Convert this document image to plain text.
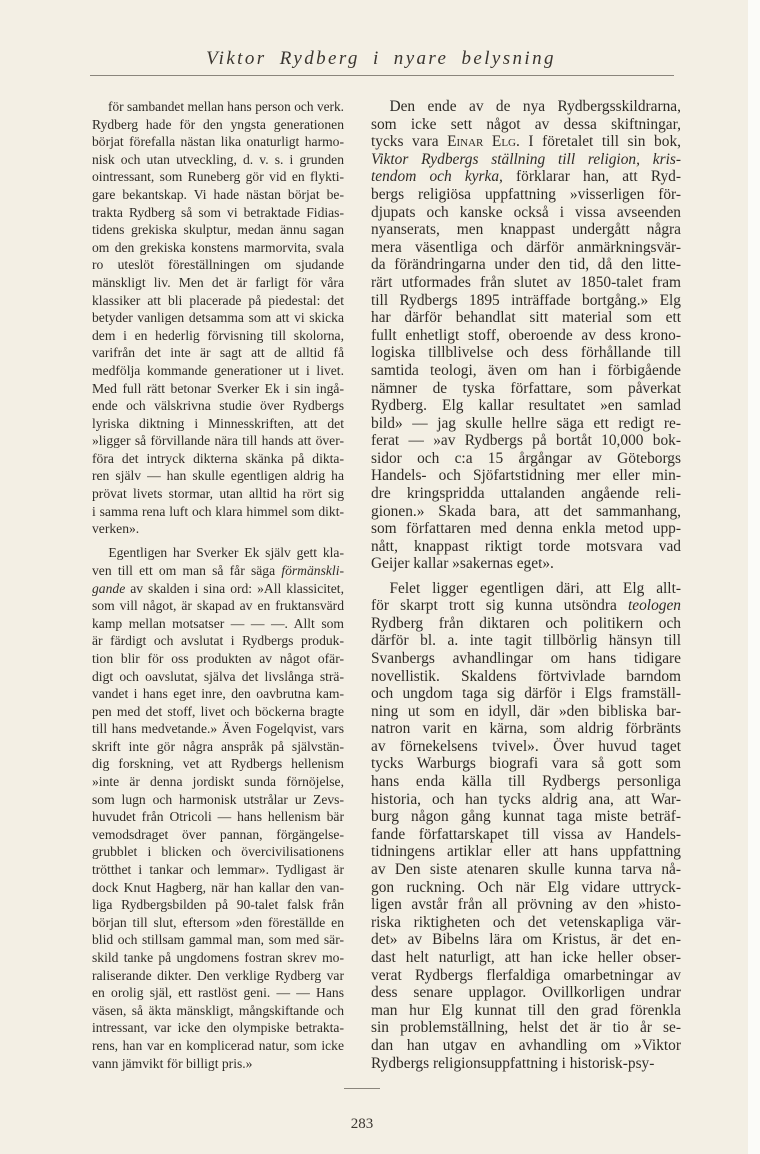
Viktor Rydberg i nyare belysning
för sambandet mellan hans person och verk.
Rydberg hade för den yngsta generationen
börjat förefalla nästan lika onaturligt harmo-
nisk och utan utveckling, d. v. s. i grunden
ointressant, som Runeberg gör vid en flykti-
gare bekantskap. Vi hade nästan börjat be-
trakta Rydberg så som vi betraktade Fidias-
tidens grekiska skulptur, medan ännu sagan
om den grekiska konstens marmorvita, svala
ro uteslöt föreställningen om sjudande
mänskligt liv. Men det är farligt för våra
klassiker att bli placerade på piedestal: det
betyder vanligen detsamma som att vi skicka
dem i en hederlig förvisning till skolorna,
varifrån det inte är sagt att de alltid få
medfölja kommande generationer ut i livet.
Med full rätt betonar Sverker Ek i sin ingå-
ende och välskrivna studie över Rydbergs
lyriska diktning i Minnesskriften, att det
»ligger så förvillande nära till hands att över-
föra det intryck dikterna skänka på dikta-
ren själv — han skulle egentligen aldrig ha
prövat livets stormar, utan alltid ha rört sig
i samma rena luft och klara himmel som dikt-
verken».
Egentligen har Sverker Ek själv gett kla-
ven till ett om man så får säga förmänskli-
gande av skalden i sina ord: »All klassicitet,
som vill något, är skapad av en fruktansvärd
kamp mellan motsatser — — —. Allt som
är färdigt och avslutat i Rydbergs produk-
tion blir för oss produkten av något ofär-
digt och oavslutat, själva det livslånga strä-
vandet i hans eget inre, den oavbrutna kam-
pen med det stoff, livet och böckerna bragte
till hans medvetande.» Även Fogelqvist, vars
skrift inte gör några anspråk på självstän-
dig forskning, vet att Rydbergs hellenism
»inte är denna jordiskt sunda förnöjelse,
som lugn och harmonisk utstrålar ur Zevs-
huvudet från Otricoli — hans hellenism bär
vemodsdraget över pannan, förgängelse-
grubblet i blicken och övercivilisationens
trötthet i tankar och lemmar». Tydligast är
dock Knut Hagberg, när han kallar den van-
liga Rydbergsbilden på 90-talet falsk från
början till slut, eftersom »den föreställde en
blid och stillsam gammal man, som med sär-
skild tanke på ungdomens fostran skrev mo-
raliserande dikter. Den verklige Rydberg var
en orolig själ, ett rastlöst geni. — — Hans
väsen, så äkta mänskligt, mångskiftande och
intressant, var icke den olympiske betrakta-
rens, han var en komplicerad natur, som icke
vann jämvikt för billigt pris.»
Den ende av de nya Rydbergsskildrarna,
som icke sett något av dessa skiftningar,
tycks vara Einar Elg. I företalet till sin bok,
Viktor Rydbergs ställning till religion, kris-
tendom och kyrka, förklarar han, att Ryd-
bergs religiösa uppfattning »visserligen för-
djupats och kanske också i vissa avseenden
nyanserats, men knappast undergått några
mera väsentliga och därför anmärkningsvär-
da förändringarna under den tid, då den litte-
rärt utformades från slutet av 1850-talet fram
till Rydbergs 1895 inträffade bortgång.» Elg
har därför behandlat sitt material som ett
fullt enhetligt stoff, oberoende av dess krono-
logiska tillblivelse och dess förhållande till
samtida teologi, även om han i förbigående
nämner de tyska författare, som påverkat
Rydberg. Elg kallar resultatet »en samlad
bild» — jag skulle hellre säga ett redigt re-
ferat — »av Rydbergs på bortåt 10,000 bok-
sidor och c:a 15 årgångar av Göteborgs
Handels- och Sjöfartstidning mer eller min-
dre kringspridda uttalanden angående reli-
gionen.» Skada bara, att det sammanhang,
som författaren med denna enkla metod upp-
nått, knappast riktigt torde motsvara vad
Geijer kallar »sakernas eget».
Felet ligger egentligen däri, att Elg allt-
för skarpt trott sig kunna utsöndra teologen
Rydberg från diktaren och politikern och
därför bl. a. inte tagit tillbörlig hänsyn till
Svanbergs avhandlingar om hans tidigare
novellistik. Skaldens förtvivlade barndom
och ungdom taga sig därför i Elgs framställ-
ning ut som en idyll, där »den bibliska bar-
natron varit en kärna, som aldrig förbränts
av förnekelsens tvivel». Över huvud taget
tycks Warburgs biografi vara så gott som
hans enda källa till Rydbergs personliga
historia, och han tycks aldrig ana, att War-
burg någon gång kunnat taga miste beträf-
fande författarskapet till vissa av Handels-
tidningens artiklar eller att hans uppfattning
av Den siste atenaren skulle kunna tarva nå-
gon ruckning. Och när Elg vidare uttryck-
ligen avstår från all prövning av den »histo-
riska riktigheten och det vetenskapliga vär-
det» av Bibelns lära om Kristus, är det en-
dast helt naturligt, att han icke heller obser-
verat Rydbergs flerfaldiga omarbetningar av
dess senare upplagor. Ovillkorligen undrar
man hur Elg kunnat till den grad förenkla
sin problemställning, helst det är tio år se-
dan han utgav en avhandling om »Viktor
Rydbergs religionsuppfattning i historisk-psy-
283
